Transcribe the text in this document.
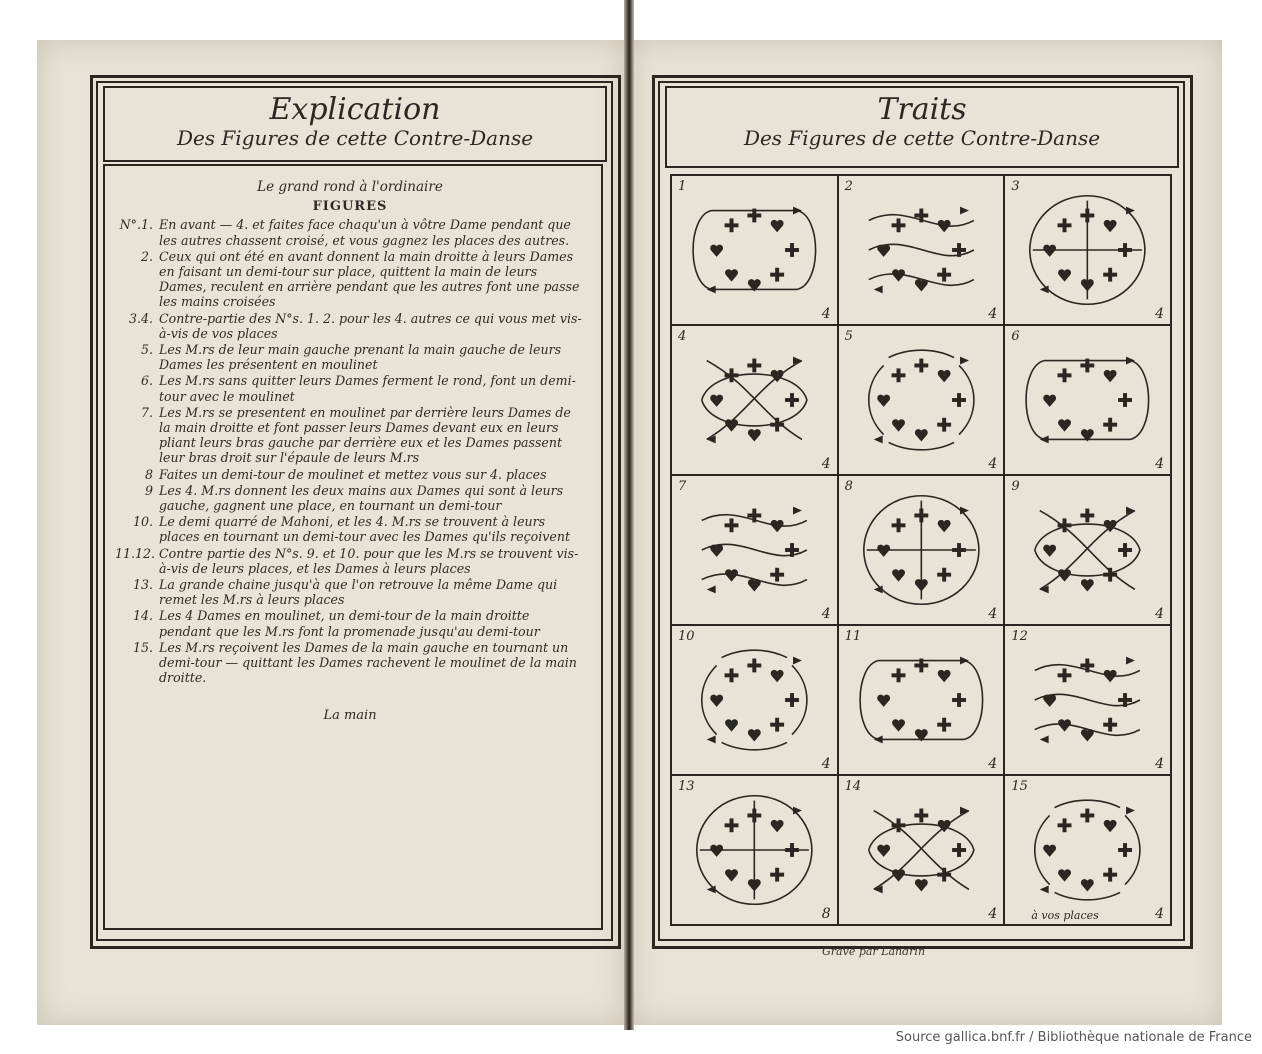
Explication
Des Figures de cette Contre-Danse
Le grand rond à l'ordinaire
FIGURES
N°.1. En avant — 4. et faites face chaqu'un à vôtre Dame pendant que les autres chassent croisé, et vous gagnez les places des autres.
2. Ceux qui ont été en avant donnent la main droitte à leurs Dames en faisant un demi-tour sur place, quittent la main de leurs Dames, reculent en arrière pendant que les autres font une passe les mains croisées
3.4. Contre-partie des N°s. 1. 2. pour les 4. autres ce qui vous met vis-à-vis de vos places
5. Les M.rs de leur main gauche prenant la main gauche de leurs Dames les présentent en moulinet
6. Les M.rs sans quitter leurs Dames ferment le rond, font un demi-tour avec le moulinet
7. Les M.rs se presentent en moulinet par derrière leurs Dames de la main droitte et font passer leurs Dames devant eux en leurs pliant leurs bras gauche par derrière eux et les Dames passent leur bras droit sur l'épaule de leurs M.rs
8 Faites un demi-tour de moulinet et mettez vous sur 4. places
9 Les 4. M.rs donnent les deux mains aux Dames qui sont à leurs gauche, gagnent une place, en tournant un demi-tour
10. Le demi quarré de Mahoni, et les 4. M.rs se trouvent à leurs places en tournant un demi-tour avec les Dames qu'ils reçoivent
11.12. Contre partie des N°s. 9. et 10. pour que les M.rs se trouvent vis-à-vis de leurs places, et les Dames à leurs places
13. La grande chaine jusqu'à que l'on retrouve la même Dame qui remet les M.rs à leurs places
14. Les 4 Dames en moulinet, un demi-tour de la main droitte pendant que les M.rs font la promenade jusqu'au demi-tour
15. Les M.rs reçoivent les Dames de la main gauche en tournant un demi-tour — quittant les Dames rachevent le moulinet de la main droitte.
La main
Traits
Des Figures de cette Contre-Danse
1
4
2
4
3
4
4
4
5
4
6
4
7
4
8
4
9
4
10
4
11
4
12
4
13
8
14
4
15
4
à vos places
Gravé par Landrin
Source gallica.bnf.fr / Bibliothèque nationale de France
